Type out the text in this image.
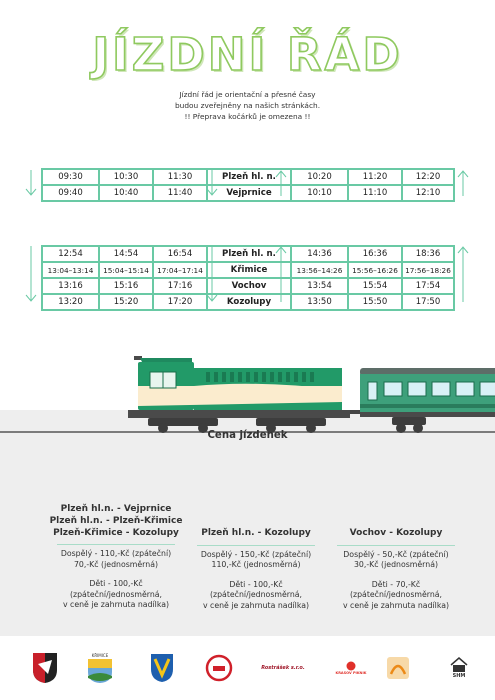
JÍZDNÍ ŘÁD
Jízdní řád je orientační a přesné časy
budou zveřejněny na našich stránkách.
!! Přeprava kočárků je omezena !!
09:30	10:30	11:30	Plzeň hl. n.	10:20	11:20	12:20
09:40	10:40	11:40	Vejprnice	10:10	11:10	12:10
12:54	14:54	16:54	Plzeň hl. n.	14:36	16:36	18:36
13:04–13:14	15:04–15:14	17:04–17:14	Křimice	13:56–14:26	15:56–16:26	17:56–18:26
13:16	15:16	17:16	Vochov	13:54	15:54	17:54
13:20	15:20	17:20	Kozolupy	13:50	15:50	17:50
Cena jízdenek
Plzeň hl.n. - Vejprnice
Plzeň hl.n. - Plzeň-Křimice
Plzeň-Křimice - Kozolupy
Dospělý - 110,-Kč (zpáteční)
70,-Kč (jednosměrná)
Děti - 100,-Kč
(zpáteční/jednosměrná,
v ceně je zahrnuta nadílka)
Plzeň hl.n. - Kozolupy
Dospělý - 150,-Kč (zpáteční)
110,-Kč (jednosměrná)
Děti - 100,-Kč
(zpáteční/jednosměrná,
v ceně je zahrnuta nadílka)
Vochov - Kozolupy
Dospělý - 50,-Kč (zpáteční)
30,-Kč (jednosměrná)
Děti - 70,-Kč
(zpáteční/jednosměrná,
v ceně je zahrnuta nadílka)
KŘIMICE
Rostrášek s.r.o.
KRASOV PIKNIK	SHM
